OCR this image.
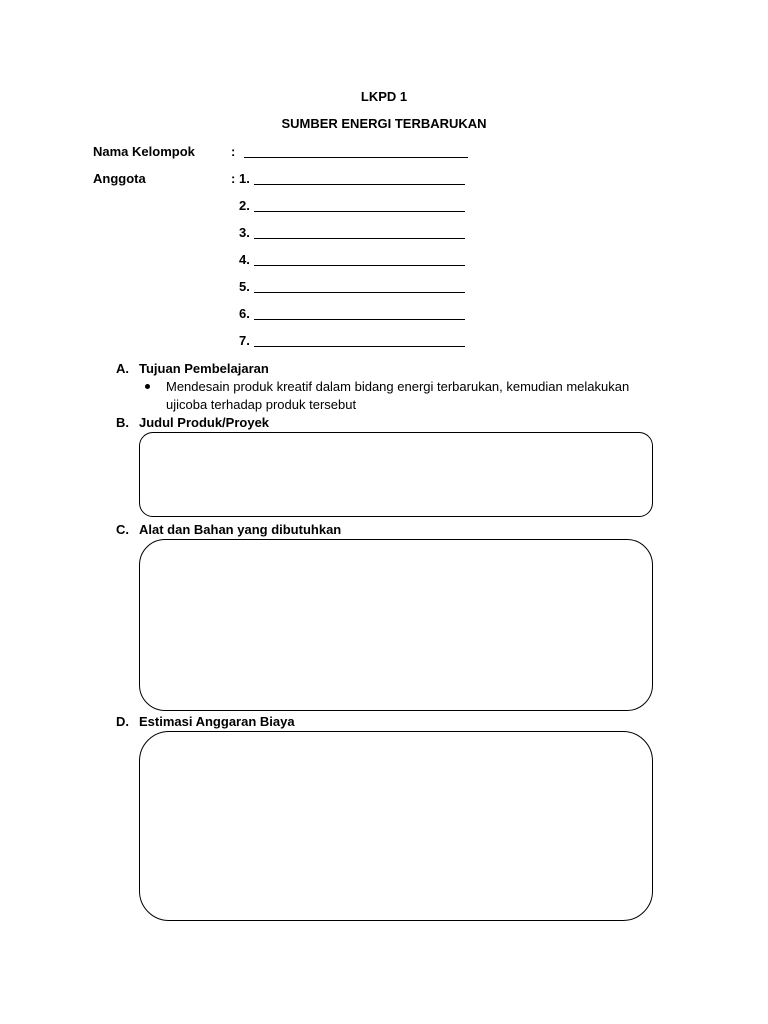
LKPD 1
SUMBER ENERGI TERBARUKAN
Nama Kelompok	:
Anggota	: 1.
2.
3.
4.
5.
6.
7.
A. Tujuan Pembelajaran
Mendesain produk kreatif dalam bidang energi terbarukan, kemudian melakukan
ujicoba terhadap produk tersebut
B. Judul Produk/Proyek
C. Alat dan Bahan yang dibutuhkan
D. Estimasi Anggaran Biaya
